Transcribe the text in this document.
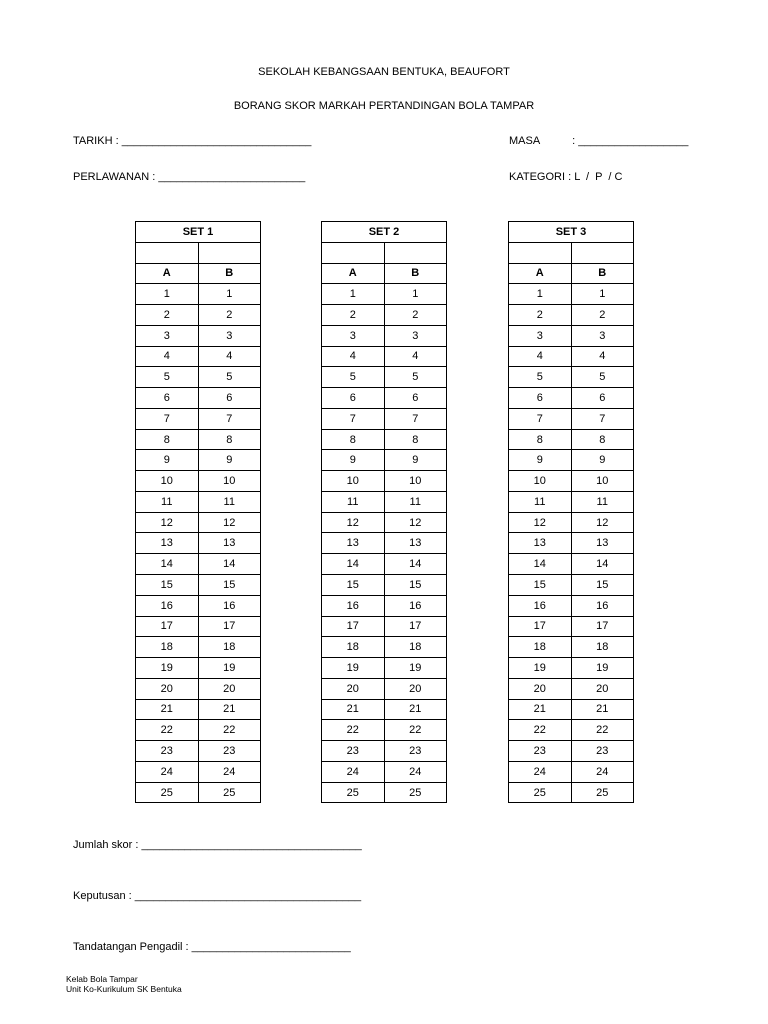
SEKOLAH KEBANGSAAN BENTUKA, BEAUFORT
BORANG SKOR MARKAH PERTANDINGAN BOLA TAMPAR
TARIKH : _______________________________	MASA	: __________________
PERLAWANAN : ________________________	KATEGORI : L  /  P  / C
SET 1	

A	B
1	1
2	2
3	3
4	4
5	5
6	6
7	7
8	8
9	9
10	10
11	11
12	12
13	13
14	14
15	15
16	16
17	17
18	18
19	19
20	20
21	21
22	22
23	23
24	24
25	25
SET 2	

A	B
1	1
2	2
3	3
4	4
5	5
6	6
7	7
8	8
9	9
10	10
11	11
12	12
13	13
14	14
15	15
16	16
17	17
18	18
19	19
20	20
21	21
22	22
23	23
24	24
25	25
SET 3	

A	B
1	1
2	2
3	3
4	4
5	5
6	6
7	7
8	8
9	9
10	10
11	11
12	12
13	13
14	14
15	15
16	16
17	17
18	18
19	19
20	20
21	21
22	22
23	23
24	24
25	25
Jumlah skor : ____________________________________
Keputusan : _____________________________________
Tandatangan Pengadil : __________________________
Kelab Bola Tampar
Unit Ko-Kurikulum SK Bentuka
